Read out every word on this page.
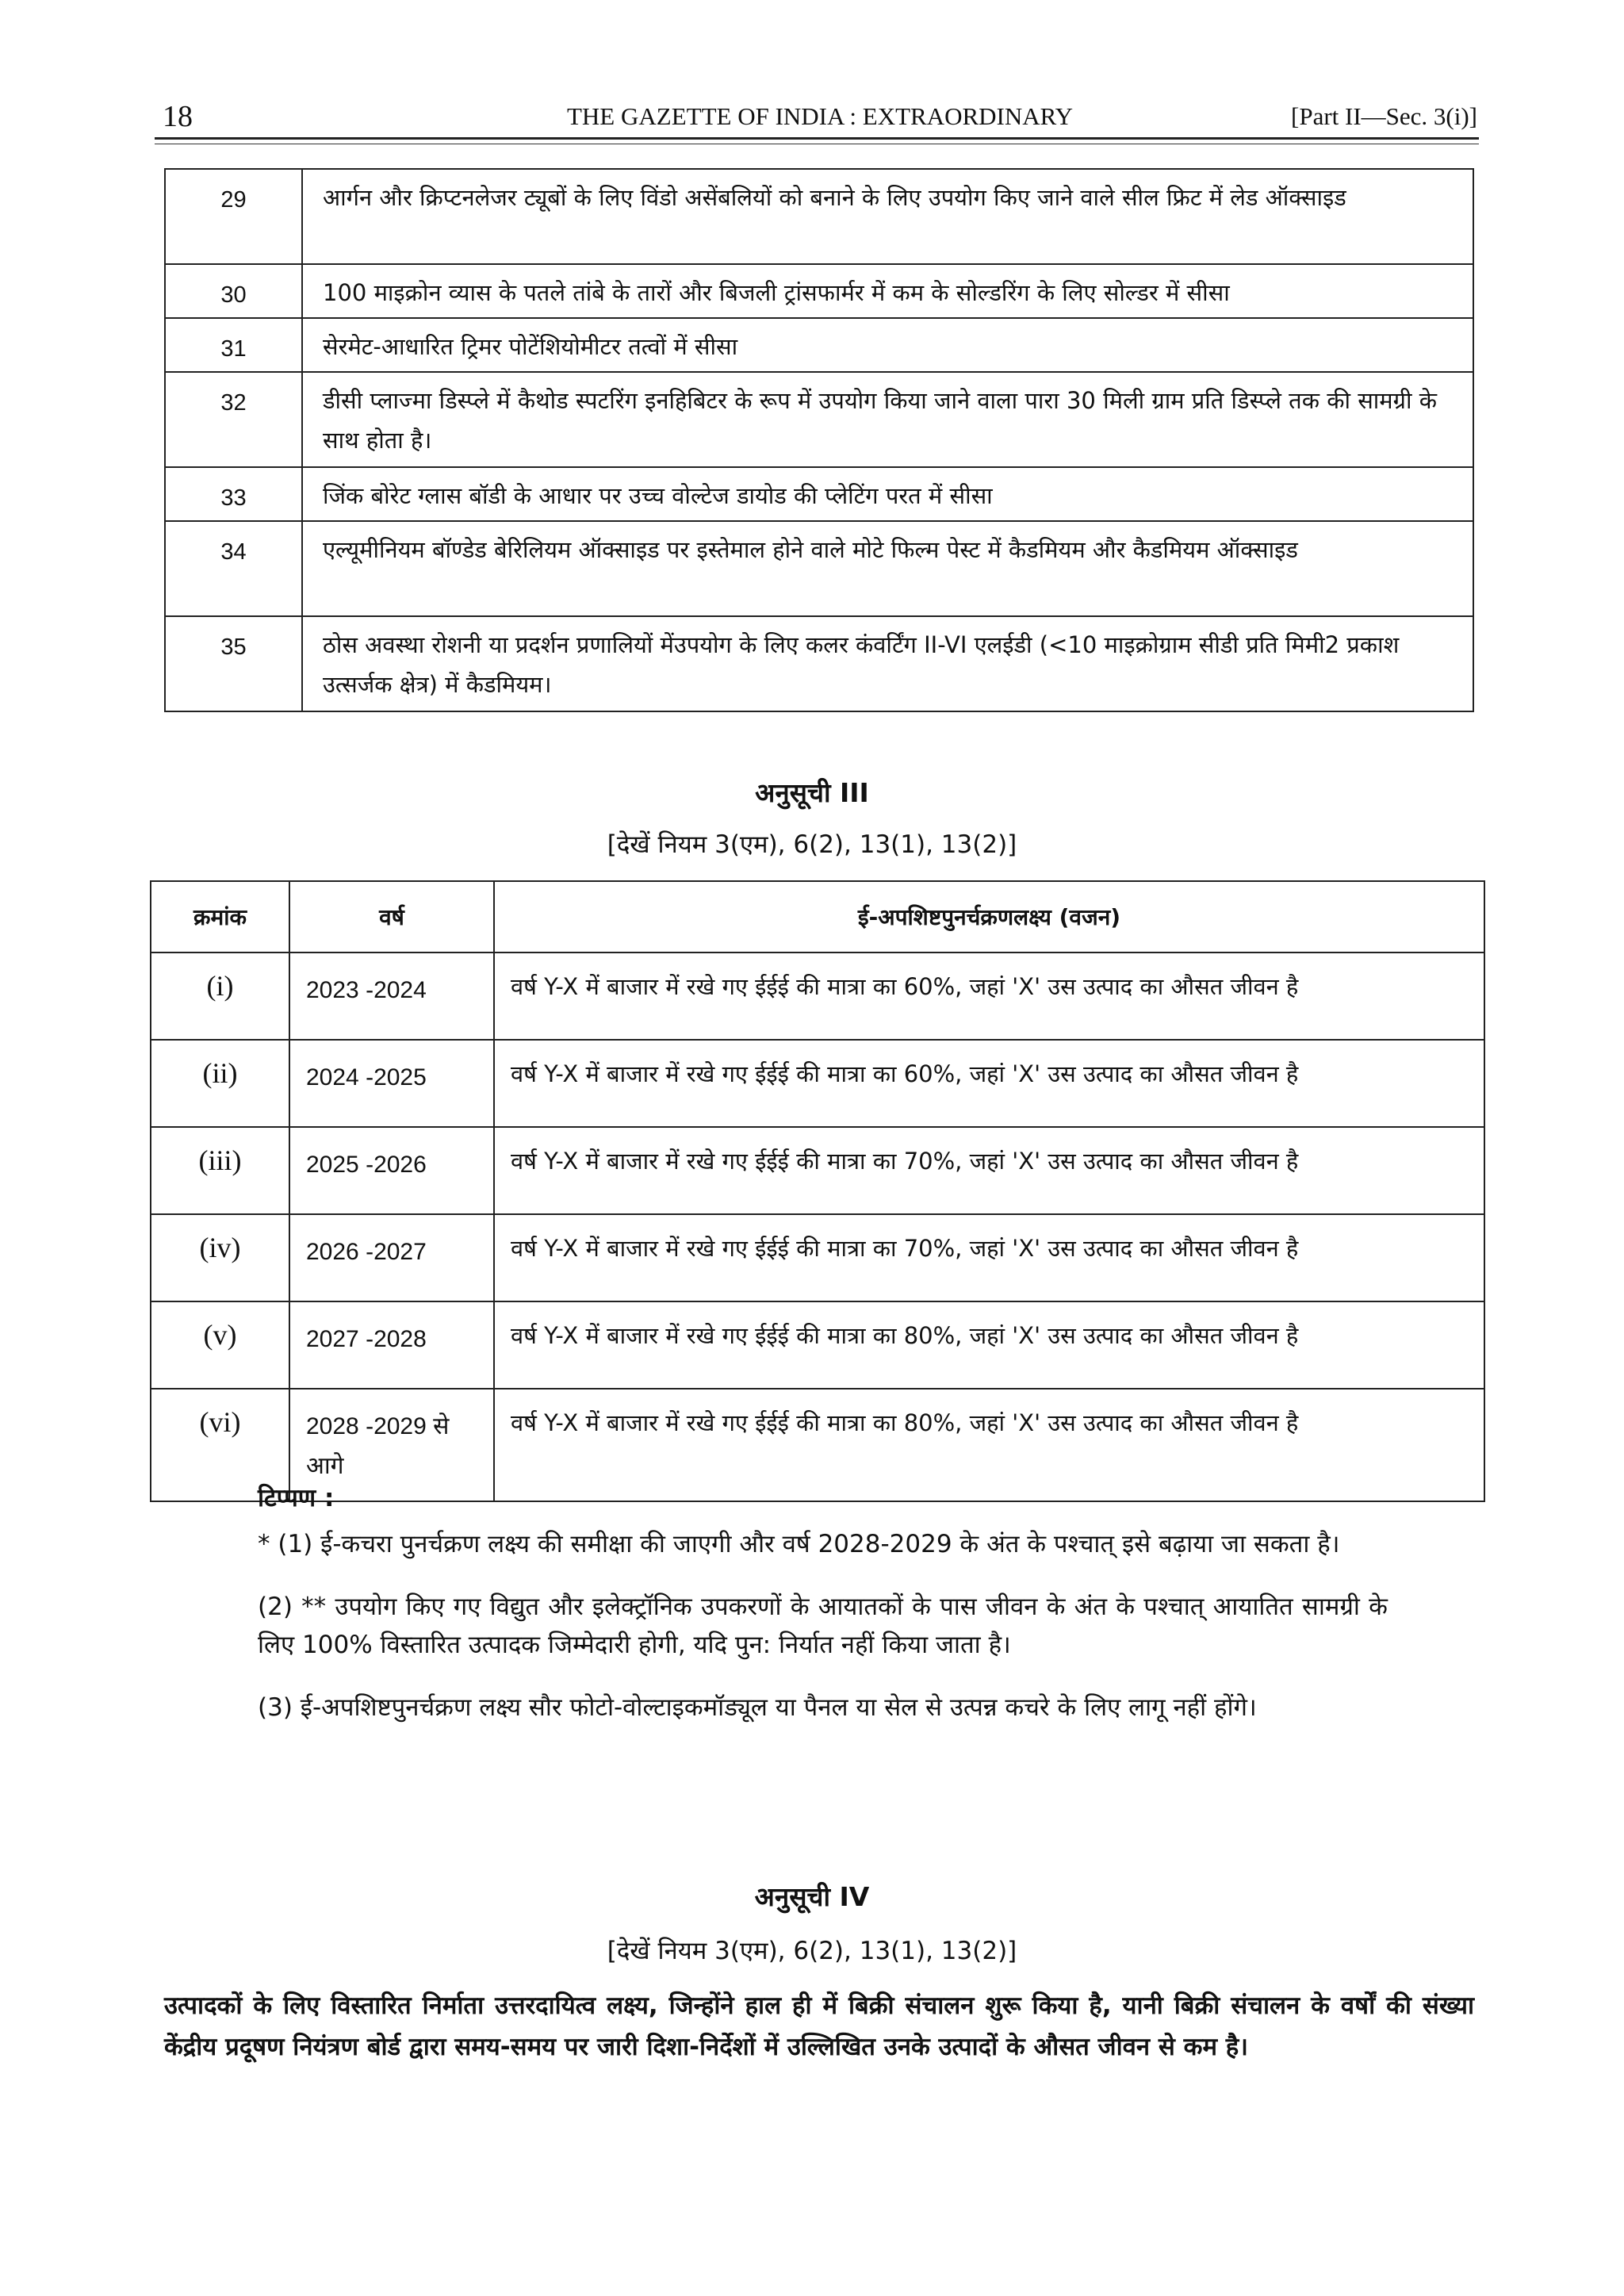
18	THE GAZETTE OF INDIA : EXTRAORDINARY	[Part II—Sec. 3(i)]
29	आर्गन और क्रिप्टनलेजर ट्यूबों के लिए विंडो असेंबलियों को बनाने के लिए उपयोग किए जाने वाले सील फ्रिट में लेड ऑक्साइड
30	100 माइक्रोन व्यास के पतले तांबे के तारों और बिजली ट्रांसफार्मर में कम के सोल्डरिंग के लिए सोल्डर में सीसा
31	सेरमेट-आधारित ट्रिमर पोटेंशियोमीटर तत्वों में सीसा
32	डीसी प्लाज्मा डिस्प्ले में कैथोड स्पटरिंग इनहिबिटर के रूप में उपयोग किया जाने वाला पारा 30 मिली ग्राम प्रति डिस्प्ले तक की सामग्री के साथ होता है।
33	जिंक बोरेट ग्लास बॉडी के आधार पर उच्च वोल्टेज डायोड की प्लेटिंग परत में सीसा
34	एल्यूमीनियम बॉण्डेड बेरिलियम ऑक्साइड पर इस्तेमाल होने वाले मोटे फिल्म पेस्ट में कैडमियम और कैडमियम ऑक्साइड
35	ठोस अवस्था रोशनी या प्रदर्शन प्रणालियों मेंउपयोग के लिए कलर कंवर्टिंग II-VI एलईडी (<10 माइक्रोग्राम सीडी प्रति मिमी2 प्रकाश उत्सर्जक क्षेत्र) में कैडमियम।
अनुसूची III
[देखें नियम 3(एम), 6(2), 13(1), 13(2)]
क्रमांक	वर्ष	ई-अपशिष्टपुनर्चक्रणलक्ष्य (वजन)
(i)	2023 -2024	वर्ष Y-X में बाजार में रखे गए ईईई की मात्रा का 60%, जहां 'X' उस उत्पाद का औसत जीवन है
(ii)	2024 -2025	वर्ष Y-X में बाजार में रखे गए ईईई की मात्रा का 60%, जहां 'X' उस उत्पाद का औसत जीवन है
(iii)	2025 -2026	वर्ष Y-X में बाजार में रखे गए ईईई की मात्रा का 70%, जहां 'X' उस उत्पाद का औसत जीवन है
(iv)	2026 -2027	वर्ष Y-X में बाजार में रखे गए ईईई की मात्रा का 70%, जहां 'X' उस उत्पाद का औसत जीवन है
(v)	2027 -2028	वर्ष Y-X में बाजार में रखे गए ईईई की मात्रा का 80%, जहां 'X' उस उत्पाद का औसत जीवन है
(vi)	2028 -2029 से आगे	वर्ष Y-X में बाजार में रखे गए ईईई की मात्रा का 80%, जहां 'X' उस उत्पाद का औसत जीवन है
टिप्पण :

* (1) ई-कचरा पुनर्चक्रण लक्ष्य की समीक्षा की जाएगी और वर्ष 2028-2029 के अंत के पश्चात् इसे बढ़ाया जा सकता है।

(2) ** उपयोग किए गए विद्युत और इलेक्ट्रॉनिक उपकरणों के आयातकों के पास जीवन के अंत के पश्चात् आयातित सामग्री के लिए 100% विस्तारित उत्पादक जिम्मेदारी होगी, यदि पुन: निर्यात नहीं किया जाता है।

(3) ई-अपशिष्टपुनर्चक्रण लक्ष्य सौर फोटो-वोल्टाइकमॉड्यूल या पैनल या सेल से उत्पन्न कचरे के लिए लागू नहीं होंगे।

अनुसूची IV
[देखें नियम 3(एम), 6(2), 13(1), 13(2)]
उत्पादकों के लिए विस्तारित निर्माता उत्तरदायित्व लक्ष्य, जिन्होंने हाल ही में बिक्री संचालन शुरू किया है, यानी बिक्री संचालन के वर्षों की संख्या केंद्रीय प्रदूषण नियंत्रण बोर्ड द्वारा समय-समय पर जारी दिशा-निर्देशों में उल्लिखित उनके उत्पादों के औसत जीवन से कम है।
